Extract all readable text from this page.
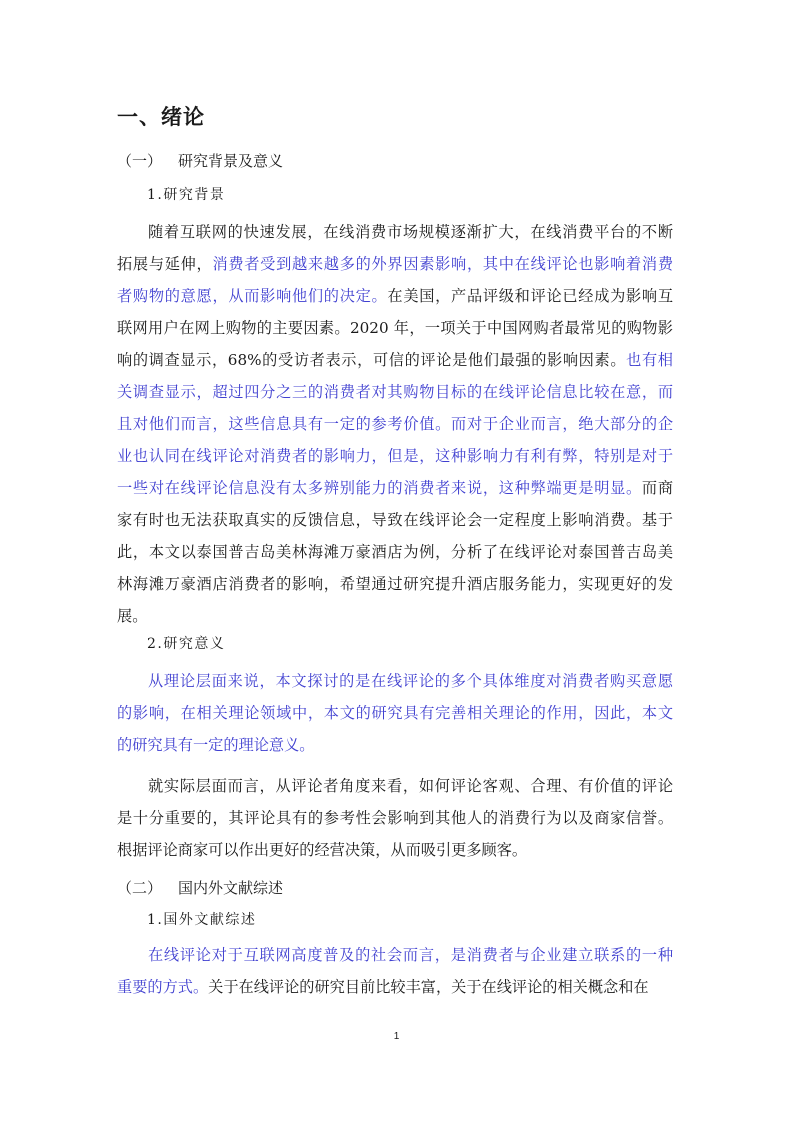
一、绪论
（一） 研究背景及意义
1.研究背景
随着互联网的快速发展，在线消费市场规模逐渐扩大，在线消费平台的不断
拓展与延伸，消费者受到越来越多的外界因素影响，其中在线评论也影响着消费
者购物的意愿，从而影响他们的决定。在美国，产品评级和评论已经成为影响互
联网用户在网上购物的主要因素。2020 年，一项关于中国网购者最常见的购物影
响的调查显示，68%的受访者表示，可信的评论是他们最强的影响因素。也有相
关调查显示，超过四分之三的消费者对其购物目标的在线评论信息比较在意，而
且对他们而言，这些信息具有一定的参考价值。而对于企业而言，绝大部分的企
业也认同在线评论对消费者的影响力，但是，这种影响力有利有弊，特别是对于
一些对在线评论信息没有太多辨别能力的消费者来说，这种弊端更是明显。而商
家有时也无法获取真实的反馈信息，导致在线评论会一定程度上影响消费。基于
此，本文以泰国普吉岛美林海滩万豪酒店为例，分析了在线评论对泰国普吉岛美
林海滩万豪酒店消费者的影响，希望通过研究提升酒店服务能力，实现更好的发
展。
2.研究意义
从理论层面来说，本文探讨的是在线评论的多个具体维度对消费者购买意愿
的影响，在相关理论领域中，本文的研究具有完善相关理论的作用，因此，本文
的研究具有一定的理论意义。
就实际层面而言，从评论者角度来看，如何评论客观、合理、有价值的评论
是十分重要的，其评论具有的参考性会影响到其他人的消费行为以及商家信誉。
根据评论商家可以作出更好的经营决策，从而吸引更多顾客。
（二） 国内外文献综述
1.国外文献综述
在线评论对于互联网高度普及的社会而言，是消费者与企业建立联系的一种
重要的方式。关于在线评论的研究目前比较丰富，关于在线评论的相关概念和在
1
